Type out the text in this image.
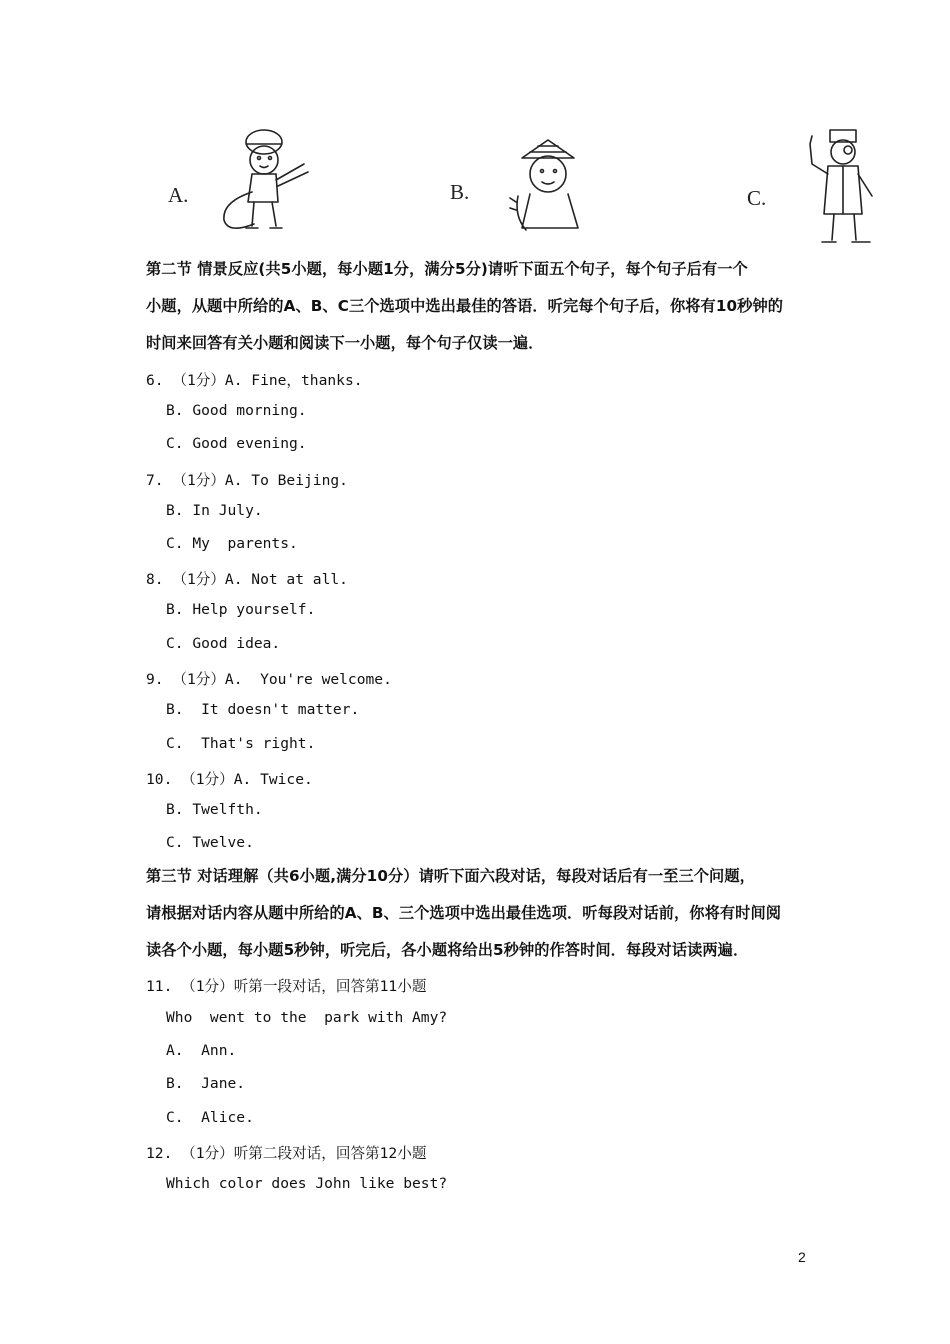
A.	B.	C.
第二节 情景反应(共5小题，每小题1分，满分5分)请听下面五个句子，每个句子后有一个
小题，从题中所给的A、B、C三个选项中选出最佳的答语．听完每个句子后，你将有10秒钟的
时间来回答有关小题和阅读下一小题，每个句子仅读一遍．
6. （1分）A. Fine，thanks.
B. Good morning.
C. Good evening.
7. （1分）A. To Beijing.
B. In July.
C. My  parents.
8. （1分）A. Not at all.
B. Help yourself.
C. Good idea.
9. （1分）A.  You're welcome.
B.  It doesn't matter.
C.  That's right.
10. （1分）A. Twice.
B. Twelfth.
C. Twelve.
第三节 对话理解（共6小题,满分10分）请听下面六段对话，每段对话后有一至三个问题，
请根据对话内容从题中所给的A、B、三个选项中选出最佳选项．听每段对话前，你将有时间阅
读各个小题，每小题5秒钟，听完后，各小题将给出5秒钟的作答时间．每段对话读两遍．
11. （1分）听第一段对话，回答第11小题
Who  went to the  park with Amy?
A.  Ann.
B.  Jane.
C.  Alice.
12. （1分）听第二段对话，回答第12小题
Which color does John like best?
2
